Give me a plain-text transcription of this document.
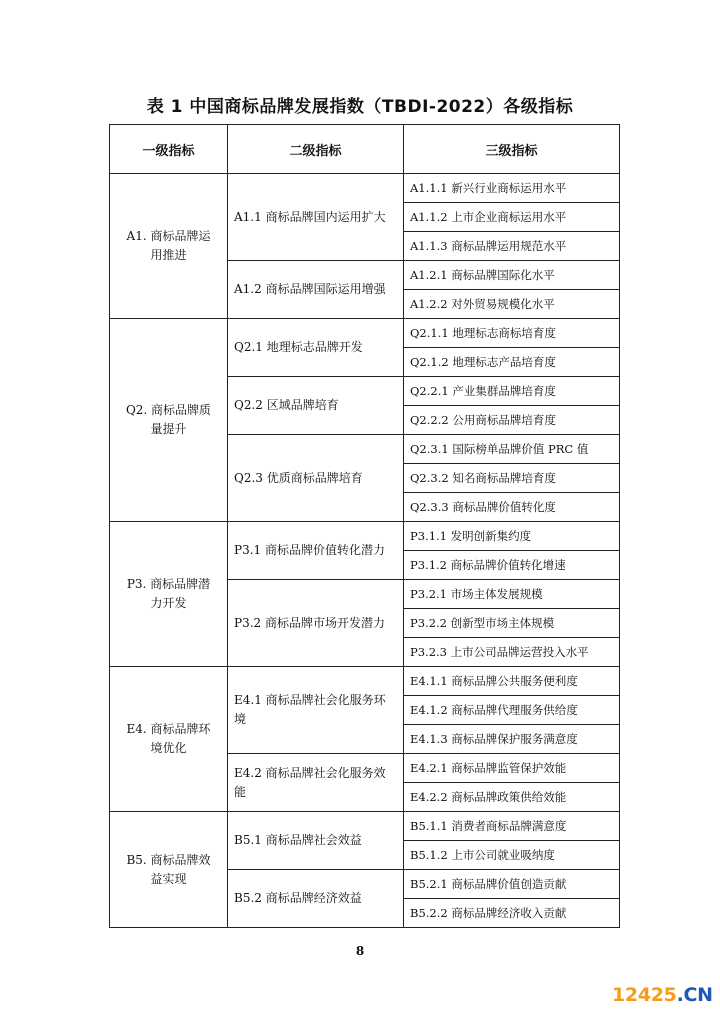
表 1 中国商标品牌发展指数（TBDI-2022）各级指标
一级指标	二级指标	三级指标
A1. 商标品牌运用推进	A1.1 商标品牌国内运用扩大	A1.1.1 新兴行业商标运用水平
		A1.1.2 上市企业商标运用水平
		A1.1.3 商标品牌运用规范水平
	A1.2 商标品牌国际运用增强	A1.2.1 商标品牌国际化水平
		A1.2.2 对外贸易规模化水平
Q2. 商标品牌质量提升	Q2.1 地理标志品牌开发	Q2.1.1 地理标志商标培育度
		Q2.1.2 地理标志产品培育度
	Q2.2 区域品牌培育	Q2.2.1 产业集群品牌培育度
		Q2.2.2 公用商标品牌培育度
	Q2.3 优质商标品牌培育	Q2.3.1 国际榜单品牌价值 PRC 值
		Q2.3.2 知名商标品牌培育度
		Q2.3.3 商标品牌价值转化度
P3. 商标品牌潜力开发	P3.1 商标品牌价值转化潜力	P3.1.1 发明创新集约度
		P3.1.2 商标品牌价值转化增速
	P3.2 商标品牌市场开发潜力	P3.2.1 市场主体发展规模
		P3.2.2 创新型市场主体规模
		P3.2.3 上市公司品牌运营投入水平
E4. 商标品牌环境优化	E4.1 商标品牌社会化服务环境	E4.1.1 商标品牌公共服务便利度
		E4.1.2 商标品牌代理服务供给度
		E4.1.3 商标品牌保护服务满意度
	E4.2 商标品牌社会化服务效能	E4.2.1 商标品牌监管保护效能
		E4.2.2 商标品牌政策供给效能
B5. 商标品牌效益实现	B5.1 商标品牌社会效益	B5.1.1 消费者商标品牌满意度
		B5.1.2 上市公司就业吸纳度
	B5.2 商标品牌经济效益	B5.2.1 商标品牌价值创造贡献
		B5.2.2 商标品牌经济收入贡献
8
12425.CN
